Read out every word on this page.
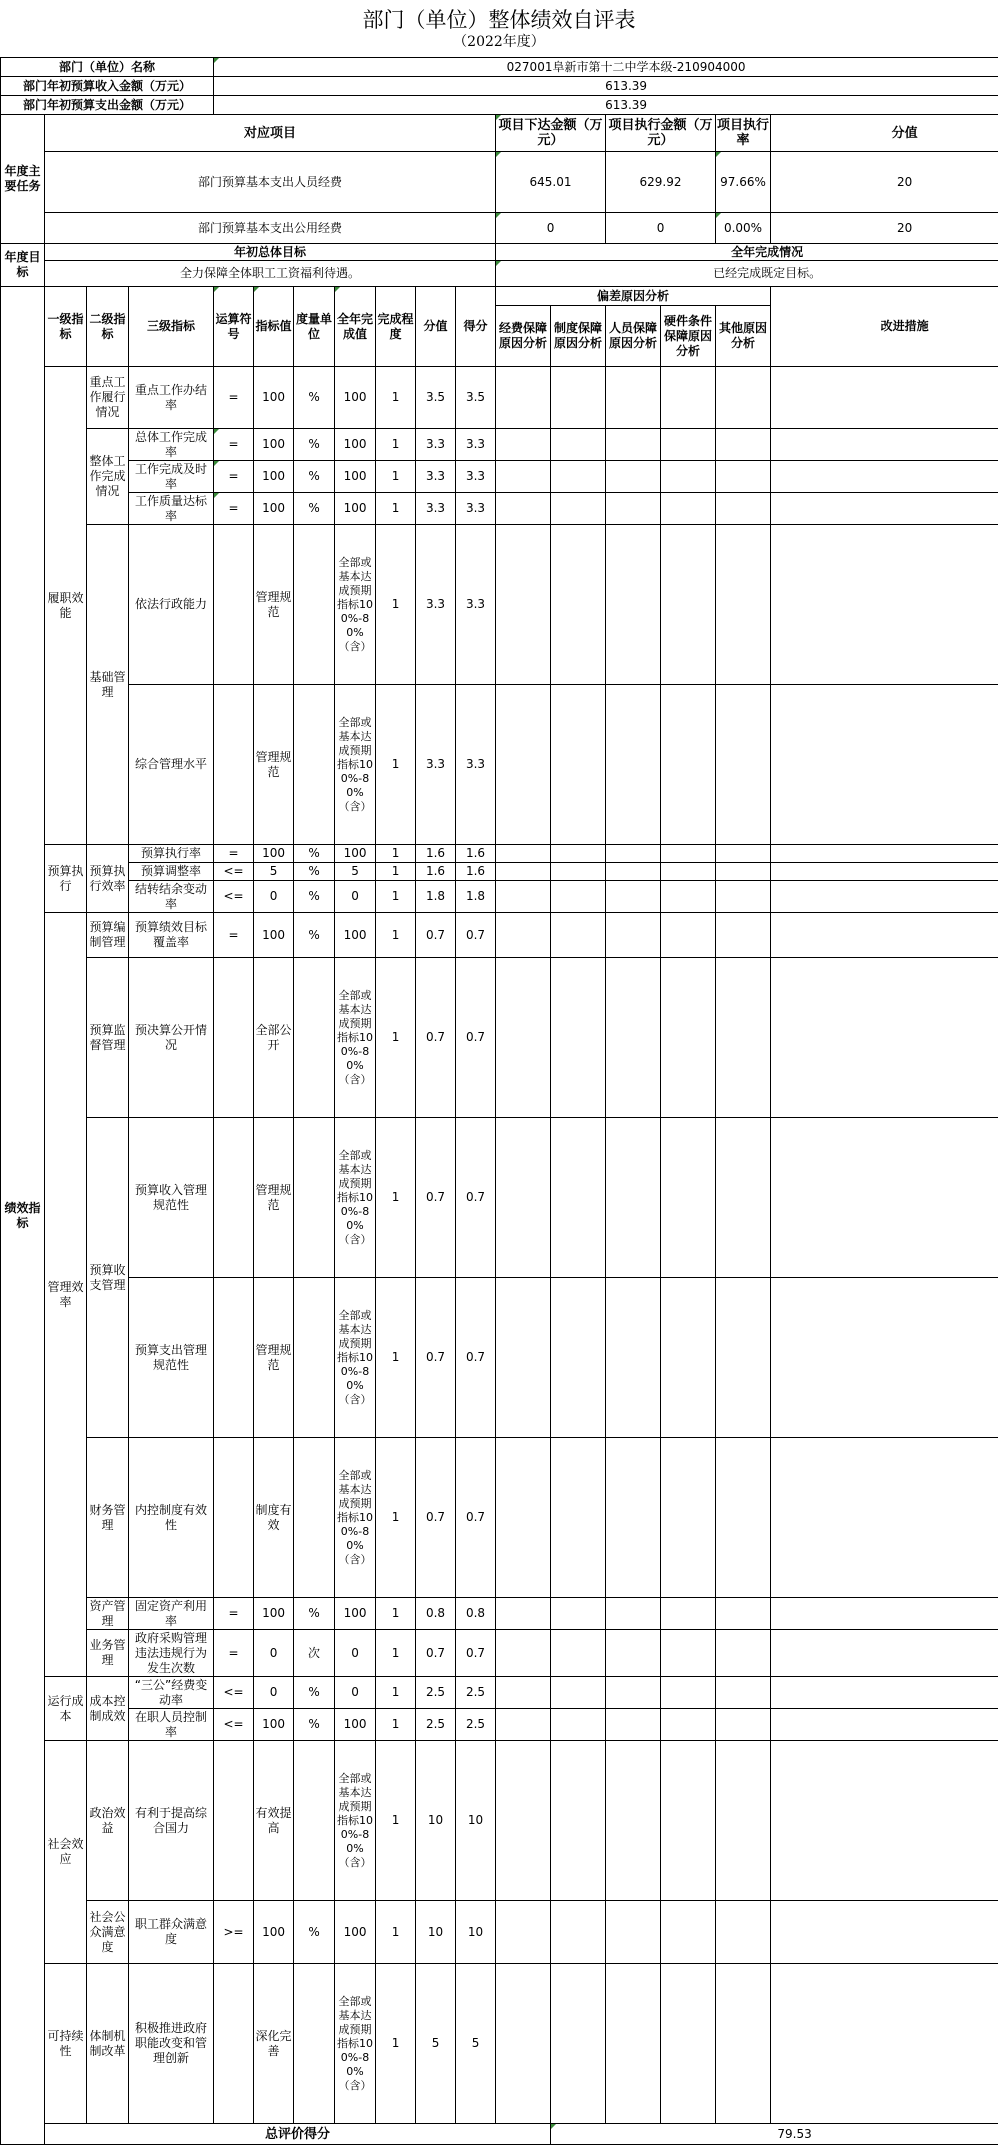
部门（单位）整体绩效自评表
（2022年度）
部门（单位）名称				027001阜新市第十二中学本级-210904000													
部门年初预算收入金额（万元）				613.39													
部门年初预算支出金额（万元）				613.39													
年度主要任务	对应项目										项目下达金额（万元）		项目执行金额（万元）		项目执行率	分值	
	部门预算基本支出人员经费										645.01		629.92		97.66%	20	
	部门预算基本支出公用经费										0		0		0.00%	20	
年度目标	年初总体目标										全年完成情况						
	全力保障全体职工工资福利待遇。										已经完成既定目标。						
绩效指标	一级指标	二级指标	三级指标	运算符号	指标值	度量单位	全年完成值	完成程度	分值	得分	偏差原因分析					改进措施	
											经费保障原因分析	制度保障原因分析	人员保障原因分析	硬件条件保障原因分析	其他原因分析		
	履职效能	重点工作履行情况	重点工作办结率	=	100	%	100	1	3.5	3.5							
		整体工作完成情况	总体工作完成率	=	100	%	100	1	3.3	3.3							
			工作完成及时率	=	100	%	100	1	3.3	3.3							
			工作质量达标率	=	100	%	100	1	3.3	3.3							
		基础管理	依法行政能力		管理规范		全部或基本达成预期指标100%-80%（含）	1	3.3	3.3							
			综合管理水平		管理规范		全部或基本达成预期指标100%-80%（含）	1	3.3	3.3							
	预算执行	预算执行效率	预算执行率	=	100	%	100	1	1.6	1.6							
			预算调整率	<=	5	%	5	1	1.6	1.6							
			结转结余变动率	<=	0	%	0	1	1.8	1.8							
	管理效率	预算编制管理	预算绩效目标覆盖率	=	100	%	100	1	0.7	0.7							
		预算监督管理	预决算公开情况		全部公开		全部或基本达成预期指标100%-80%（含）	1	0.7	0.7							
		预算收支管理	预算收入管理规范性		管理规范		全部或基本达成预期指标100%-80%（含）	1	0.7	0.7							
			预算支出管理规范性		管理规范		全部或基本达成预期指标100%-80%（含）	1	0.7	0.7							
		财务管理	内控制度有效性		制度有效		全部或基本达成预期指标100%-80%（含）	1	0.7	0.7							
		资产管理	固定资产利用率	=	100	%	100	1	0.8	0.8							
		业务管理	政府采购管理违法违规行为发生次数	=	0	次	0	1	0.7	0.7							
	运行成本	成本控制成效	“三公”经费变动率	<=	0	%	0	1	2.5	2.5							
			在职人员控制率	<=	100	%	100	1	2.5	2.5							
	社会效应	政治效益	有利于提高综合国力		有效提高		全部或基本达成预期指标100%-80%（含）	1	10	10							
		社会公众满意度	职工群众满意度	>=	100	%	100	1	10	10							
	可持续性	体制机制改革	积极推进政府职能改变和管理创新		深化完善		全部或基本达成预期指标100%-80%（含）	1	5	5							
	总评价得分											79.53					
